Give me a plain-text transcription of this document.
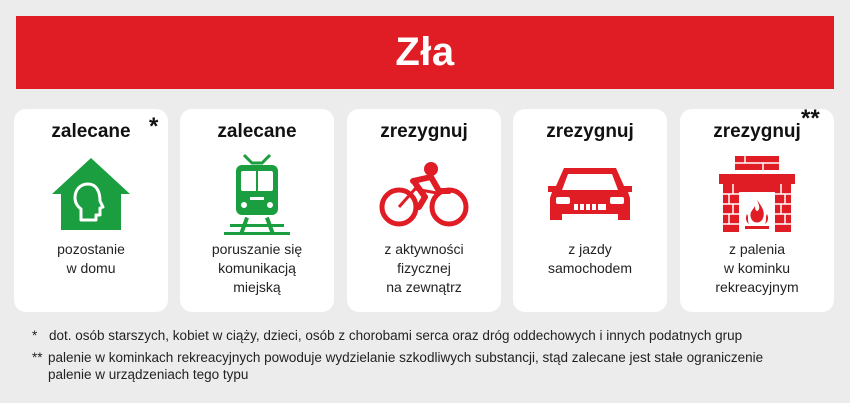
Zła
zalecane
pozostanie
w domu
*	zalecane
poruszanie się
komunikacją
miejską
zrezygnuj
z aktywności
fizycznej
na zewnątrz
zrezygnuj
z jazdy
samochodem
zrezygnuj
z palenia
w kominku
rekreacyjnym
**
* dot. osób starszych, kobiet w ciąży, dzieci, osób z chorobami serca oraz dróg oddechowych i innych podatnych grup
** palenie w kominkach rekreacyjnych powoduje wydzielanie szkodliwych substancji, stąd zalecane jest stałe ograniczenie
palenie w urządzeniach tego typu
